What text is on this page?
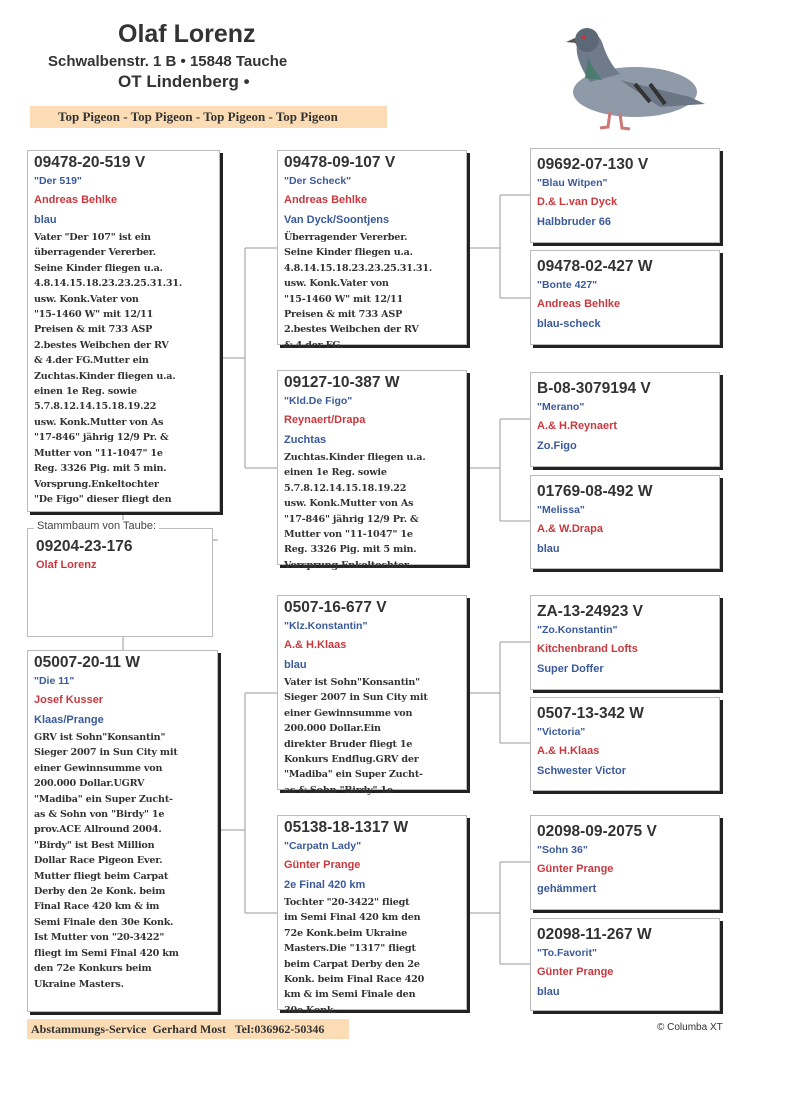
Olaf Lorenz
Schwalbenstr. 1 B • 15848 Tauche
OT Lindenberg •
Top Pigeon - Top Pigeon - Top Pigeon - Top Pigeon
09478-20-519 V
"Der 519"
Andreas Behlke
blau
Vater "Der 107" ist ein
überragender Vererber.
Seine Kinder fliegen u.a.
4.8.14.15.18.23.23.25.31.31.
usw. Konk.Vater von
"15-1460 W" mit 12/11
Preisen & mit 733 ASP
2.bestes Weibchen der RV
& 4.der FG.Mutter ein
Zuchtas.Kinder fliegen u.a.
einen 1e Reg. sowie
5.7.8.12.14.15.18.19.22
usw. Konk.Mutter von As
"17-846" jährig 12/9 Pr. &
Mutter von "11-1047" 1e
Reg. 3326 Pig. mit 5 min.
Vorsprung.Enkeltochter
"De Figo" dieser fliegt den
Stammbaum von Taube:
09204-23-176
Olaf Lorenz
05007-20-11 W
"Die 11"
Josef Kusser
Klaas/Prange
GRV ist Sohn"Konsantin"
Sieger 2007 in Sun City mit
einer Gewinnsumme von
200.000 Dollar.UGRV
"Madiba" ein Super Zucht-
as & Sohn von "Birdy" 1e
prov.ACE Allround 2004.
"Birdy" ist Best Million
Dollar Race Pigeon Ever.
Mutter fliegt beim Carpat
Derby den 2e Konk. beim
Final Race 420 km & im
Semi Finale den 30e Konk.
Ist Mutter von "20-3422"
fliegt im Semi Final 420 km
den 72e Konkurs beim
Ukraine Masters.
09478-09-107 V
"Der Scheck"
Andreas Behlke
Van Dyck/Soontjens
Überragender Vererber.
Seine Kinder fliegen u.a.
4.8.14.15.18.23.23.25.31.31.
usw. Konk.Vater von
"15-1460 W" mit 12/11
Preisen & mit 733 ASP
2.bestes Weibchen der RV
& 4.der FG.
09127-10-387 W
"Kld.De Figo"
Reynaert/Drapa
Zuchtas
Zuchtas.Kinder fliegen u.a.
einen 1e Reg. sowie
5.7.8.12.14.15.18.19.22
usw. Konk.Mutter von As
"17-846" jährig 12/9 Pr. &
Mutter von "11-1047" 1e
Reg. 3326 Pig. mit 5 min.
Vorsprung.Enkeltochter
0507-16-677 V
"Klz.Konstantin"
A.& H.Klaas
blau
Vater ist Sohn"Konsantin"
Sieger 2007 in Sun City mit
einer Gewinnsumme von
200.000 Dollar.Ein
direkter Bruder fliegt 1e
Konkurs Endflug.GRV der
"Madiba" ein Super Zucht-
as & Sohn "Birdy" 1e
05138-18-1317 W
"Carpatn Lady"
Günter Prange
2e Final 420 km
Tochter "20-3422" fliegt
im Semi Final 420 km den
72e Konk.beim Ukraine
Masters.Die "1317" fliegt
beim Carpat Derby den 2e
Konk. beim Final Race 420
km & im Semi Finale den
30e Konk.
09692-07-130 V
"Blau Witpen"
D.& L.van Dyck
Halbbruder 66
09478-02-427 W
"Bonte 427"
Andreas Behlke
blau-scheck
B-08-3079194 V
"Merano"
A.& H.Reynaert
Zo.Figo
01769-08-492 W
"Melissa"
A.& W.Drapa
blau
ZA-13-24923 V
"Zo.Konstantin"
Kitchenbrand Lofts
Super Doffer
0507-13-342 W
"Victoria"
A.& H.Klaas
Schwester Victor
02098-09-2075 V
"Sohn 36"
Günter Prange
gehämmert
02098-11-267 W
"To.Favorit"
Günter Prange
blau
Abstammungs-Service  Gerhard Most   Tel:036962-50346	© Columba XT
